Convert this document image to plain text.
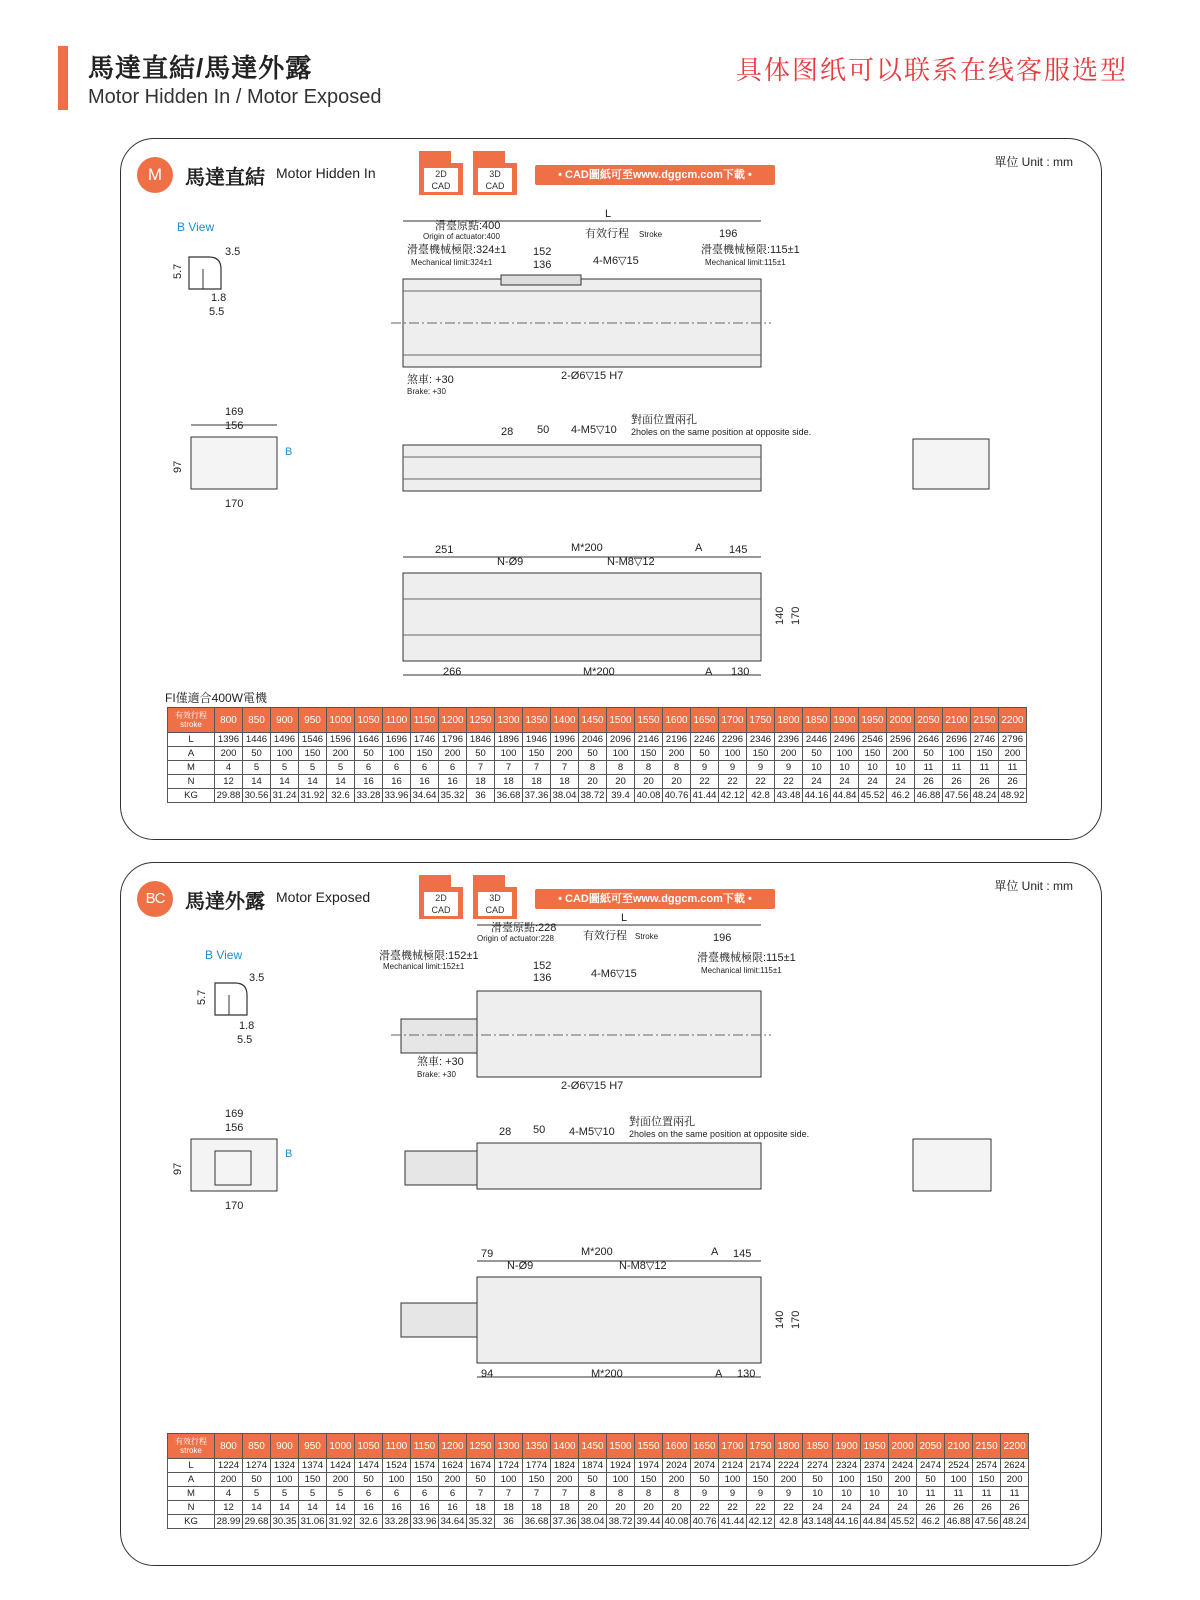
馬達直結/馬達外露
Motor Hidden In / Motor Exposed
具体图纸可以联系在线客服选型
單位 Unit : mm
M	馬達直結 Motor Hidden In	2D
CAD
3D
CAD
• CAD圖紙可至www.dggcm.com下載 •
B View
3.5
5.7
1.8
5.5
L
滑臺原點:400
Origin of actuator:400	有效行程 Stroke	196
滑臺機械極限:324±1
Mechanical limit:324±1
滑臺機械極限:115±1
Mechanical limit:115±1
152
136	4-M6▽15
煞車: +30
Brake: +30
2-Ø6▽15 H7
169
156
97
170
B
28 50 4-M5▽10
對面位置兩孔
2holes on the same position at opposite side.
251
N-Ø9
M*200	A 145
N-M8▽12
140 170
266	M*200	A 130
FI僅適合400W電機
有效行程 stroke	800	850	900	950	1000	1050	1100	1150	1200	1250	1300	1350	1400	1450	1500	1550	1600	1650	1700	1750	1800	1850	1900	1950	2000	2050	2100	2150	2200
L	1396	1446	1496	1546	1596	1646	1696	1746	1796	1846	1896	1946	1996	2046	2096	2146	2196	2246	2296	2346	2396	2446	2496	2546	2596	2646	2696	2746	2796
A	200	50	100	150	200	50	100	150	200	50	100	150	200	50	100	150	200	50	100	150	200	50	100	150	200	50	100	150	200
M	4	5	5	5	5	6	6	6	6	7	7	7	7	8	8	8	8	9	9	9	9	10	10	10	10	11	11	11	11
N	12	14	14	14	14	16	16	16	16	18	18	18	18	20	20	20	20	22	22	22	22	24	24	24	24	26	26	26	26
KG	29.88	30.56	31.24	31.92	32.6	33.28	33.96	34.64	35.32	36	36.68	37.36	38.04	38.72	39.4	40.08	40.76	41.44	42.12	42.8	43.48	44.16	44.84	45.52	46.2	46.88	47.56	48.24	48.92
單位 Unit : mm
BC	馬達外露 Motor Exposed	2D
CAD
3D
CAD
• CAD圖紙可至www.dggcm.com下載 •
B View
3.5
5.7
1.8
5.5
L
滑臺原點:228
Origin of actuator:228	有效行程 Stroke	196
滑臺機械極限:152±1
Mechanical limit:152±1
滑臺機械極限:115±1
Mechanical limit:115±1
152
136	4-M6▽15
煞車: +30
Brake: +30
2-Ø6▽15 H7
169
156
97
170
B
28 50 4-M5▽10
對面位置兩孔
2holes on the same position at opposite side.
79
N-Ø9
M*200	A 145
N-M8▽12
140 170
94	M*200	A 130
有效行程 stroke	800	850	900	950	1000	1050	1100	1150	1200	1250	1300	1350	1400	1450	1500	1550	1600	1650	1700	1750	1800	1850	1900	1950	2000	2050	2100	2150	2200
L	1224	1274	1324	1374	1424	1474	1524	1574	1624	1674	1724	1774	1824	1874	1924	1974	2024	2074	2124	2174	2224	2274	2324	2374	2424	2474	2524	2574	2624
A	200	50	100	150	200	50	100	150	200	50	100	150	200	50	100	150	200	50	100	150	200	50	100	150	200	50	100	150	200
M	4	5	5	5	5	6	6	6	6	7	7	7	7	8	8	8	8	9	9	9	9	10	10	10	10	11	11	11	11
N	12	14	14	14	14	16	16	16	16	18	18	18	18	20	20	20	20	22	22	22	22	24	24	24	24	26	26	26	26
KG	28.99	29.68	30.35	31.06	31.92	32.6	33.28	33.96	34.64	35.32	36	36.68	37.36	38.04	38.72	39.44	40.08	40.76	41.44	42.12	42.8	43.148	44.16	44.84	45.52	46.2	46.88	47.56	48.24
